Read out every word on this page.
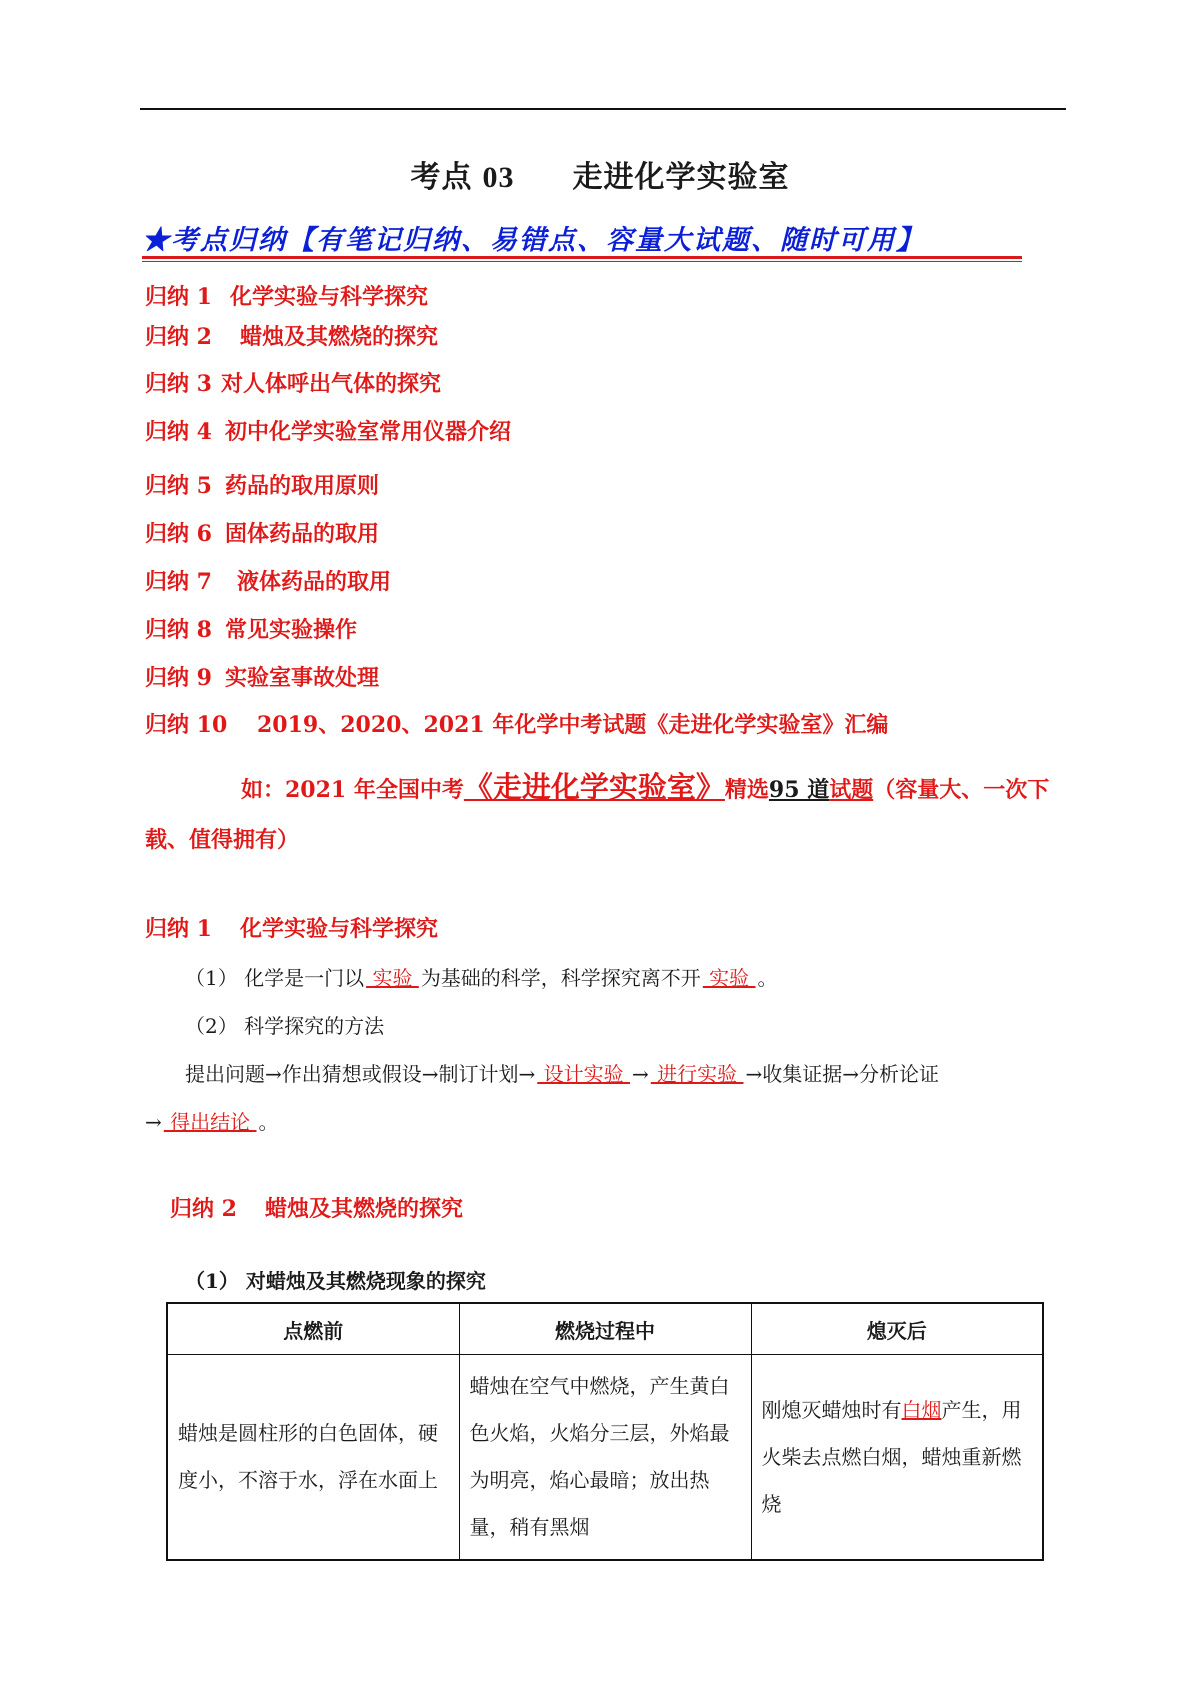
考点 03 走进化学实验室
★考点归纳【有笔记归纳、易错点、容量大试题、随时可用】
归纳 1 化学实验与科学探究
归纳 2 蜡烛及其燃烧的探究
归纳 3 对人体呼出气体的探究
归纳 4 初中化学实验室常用仪器介绍
归纳 5 药品的取用原则
归纳 6 固体药品的取用
归纳 7 液体药品的取用
归纳 8 常见实验操作
归纳 9 实验室事故处理
归纳 10 2019、2020、2021 年化学中考试题《走进化学实验室》汇编

如：2021 年全国中考《走进化学实验室》精选95 道试题（容量大、一次下载、值得拥有）

归纳 1 化学实验与科学探究

（1） 化学是一门以 实验 为基础的科学，科学探究离不开 实验 。

（2） 科学探究的方法

提出问题→作出猜想或假设→制订计划→ 设计实验 → 进行实验 →收集证据→分析论证

→ 得出结论 。

归纳 2 蜡烛及其燃烧的探究

（1） 对蜡烛及其燃烧现象的探究

点燃前	燃烧过程中	熄灭后
蜡烛是圆柱形的白色固体，硬度小，不溶于水，浮在水面上	蜡烛在空气中燃烧，产生黄白色火焰，火焰分三层，外焰最为明亮，焰心最暗；放出热量，稍有黑烟	刚熄灭蜡烛时有白烟产生，用火柴去点燃白烟，蜡烛重新燃烧
